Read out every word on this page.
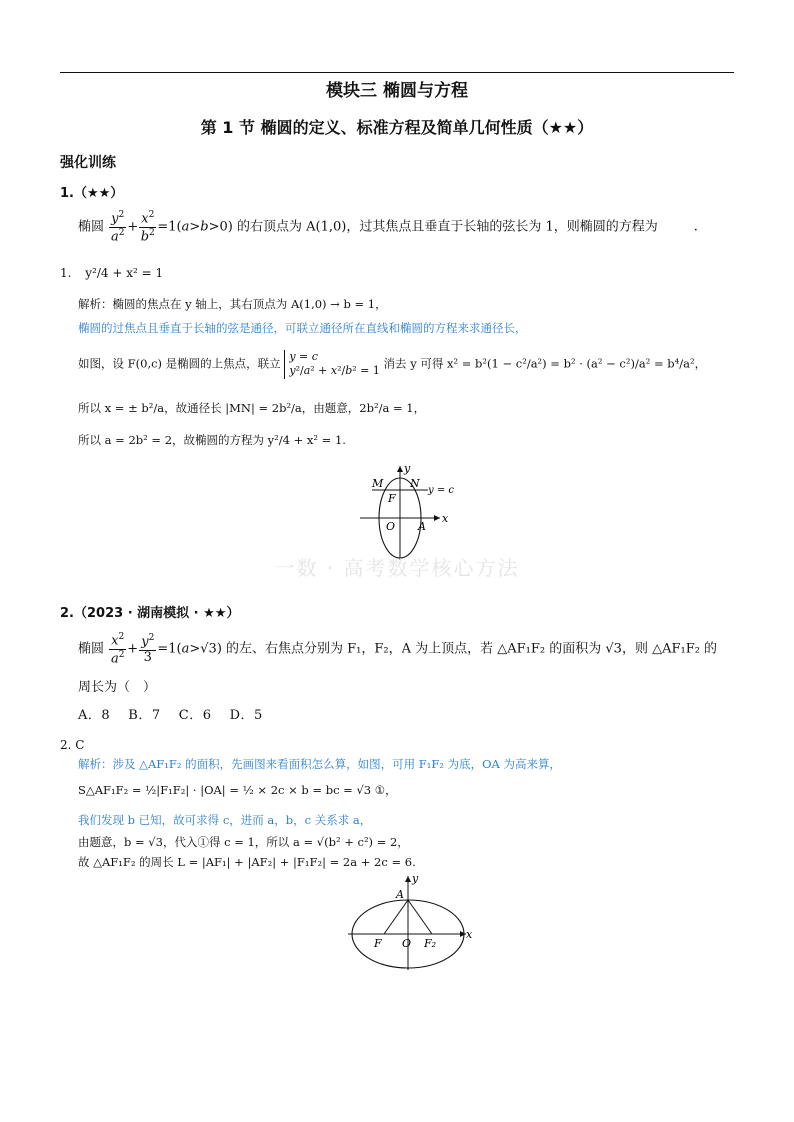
模块三 椭圆与方程
第 1 节 椭圆的定义、标准方程及简单几何性质（★★）
强化训练
1.（★★）
椭圆 $\frac{y^2}{a^2} + \frac{x^2}{b^2} =1(a>b>0)$ 的右顶点为 A(1,0)，过其焦点且垂直于长轴的弦长为 1，则椭圆的方程为	.
1. y²/4 + x² = 1
解析：椭圆的焦点在 y 轴上，其右顶点为 A(1,0) → b = 1，
椭圆的过焦点且垂直于长轴的弦是通径，可联立通径所在直线和椭圆的方程来求通径长，
如图，设 F(0,c) 是椭圆的上焦点，联立 y = c
y²/a² + x²/b² = 1 消去 y 可得 x² = b²(1 − c²/a²) = b² · (a² − c²)/a² = b⁴/a²，
所以 x = ± b²/a，故通径长 |MN| = 2b²/a，由题意，2b²/a = 1，
所以 a = 2b² = 2，故椭圆的方程为 y²/4 + x² = 1.
x
y
M N
F
O A
y = c
一数 · 高考数学核心方法
2.（2023 · 湖南模拟 · ★★）
椭圆 $\frac{x^2}{a^2} + \frac{y^2}{3} =1(a>√3)$ 的左、右焦点分别为 F₁，F₂，A 为上顶点，若 △AF₁F₂ 的面积为 √3，则 △AF₁F₂ 的
周长为（　）
A．8　 B．7　 C．6　 D．5
2. C
解析：涉及 △AF₁F₂ 的面积，先画图来看面积怎么算，如图，可用 F₁F₂ 为底，OA 为高来算，
S△AF₁F₂ = ½|F₁F₂| · |OA| = ½ × 2c × b = bc = √3 ①，
我们发现 b 已知，故可求得 c，进而 a，b，c 关系求 a，
由题意，b = √3，代入①得 c = 1，所以 a = √(b² + c²) = 2，
故 △AF₁F₂ 的周长 L = |AF₁| + |AF₂| + |F₁F₂| = 2a + 2c = 6.
x
y
A
F O F₂
